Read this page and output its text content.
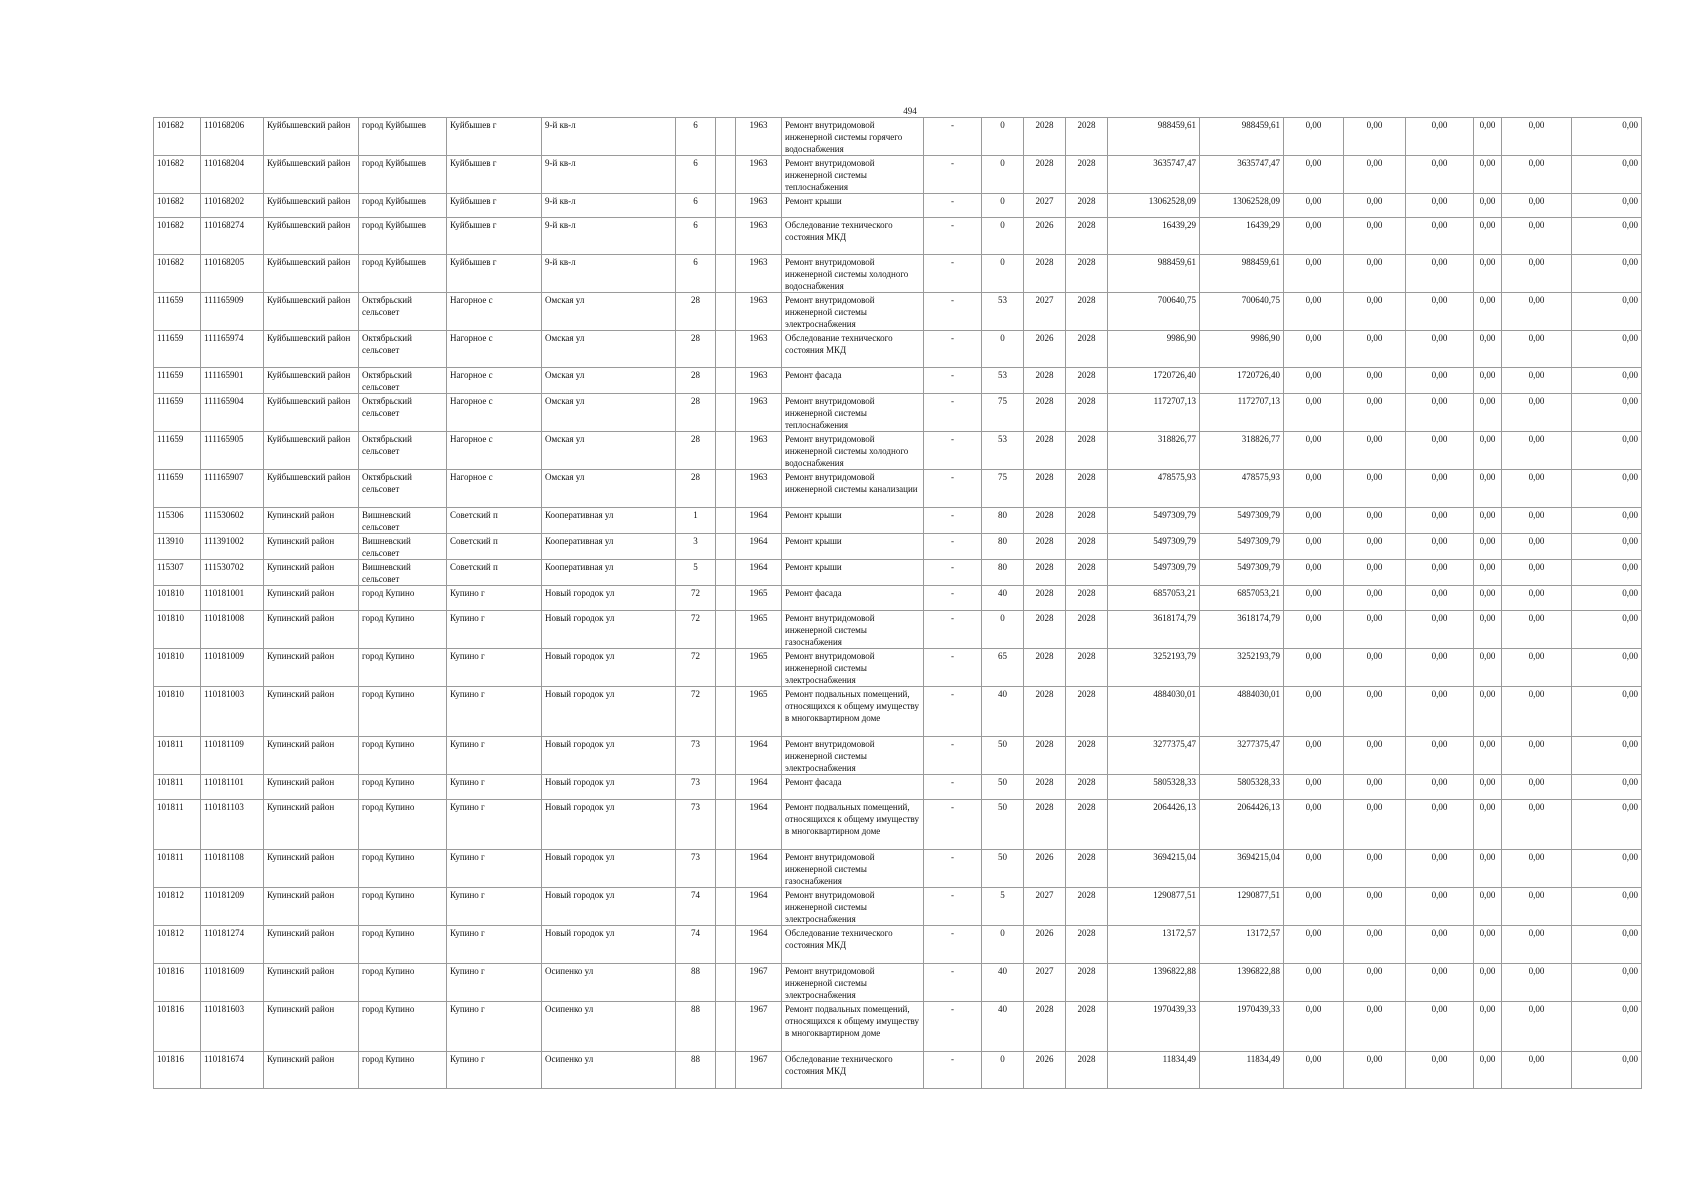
494
101682	110168206	Куйбышевский район	город Куйбышев	Куйбышев г	9-й кв-л	6		1963	Ремонт внутридомовой инженерной системы горячего водоснабжения	-	0	2028	2028	988459,61	988459,61	0,00	0,00	0,00	0,00	0,00	0,00
101682	110168204	Куйбышевский район	город Куйбышев	Куйбышев г	9-й кв-л	6		1963	Ремонт внутридомовой инженерной системы теплоснабжения	-	0	2028	2028	3635747,47	3635747,47	0,00	0,00	0,00	0,00	0,00	0,00
101682	110168202	Куйбышевский район	город Куйбышев	Куйбышев г	9-й кв-л	6		1963	Ремонт крыши	-	0	2027	2028	13062528,09	13062528,09	0,00	0,00	0,00	0,00	0,00	0,00
101682	110168274	Куйбышевский район	город Куйбышев	Куйбышев г	9-й кв-л	6		1963	Обследование технического состояния МКД	-	0	2026	2028	16439,29	16439,29	0,00	0,00	0,00	0,00	0,00	0,00
101682	110168205	Куйбышевский район	город Куйбышев	Куйбышев г	9-й кв-л	6		1963	Ремонт внутридомовой инженерной системы холодного водоснабжения	-	0	2028	2028	988459,61	988459,61	0,00	0,00	0,00	0,00	0,00	0,00
111659	111165909	Куйбышевский район	Октябрьский сельсовет	Нагорное с	Омская ул	28		1963	Ремонт внутридомовой инженерной системы электроснабжения	-	53	2027	2028	700640,75	700640,75	0,00	0,00	0,00	0,00	0,00	0,00
111659	111165974	Куйбышевский район	Октябрьский сельсовет	Нагорное с	Омская ул	28		1963	Обследование технического состояния МКД	-	0	2026	2028	9986,90	9986,90	0,00	0,00	0,00	0,00	0,00	0,00
111659	111165901	Куйбышевский район	Октябрьский сельсовет	Нагорное с	Омская ул	28		1963	Ремонт фасада	-	53	2028	2028	1720726,40	1720726,40	0,00	0,00	0,00	0,00	0,00	0,00
111659	111165904	Куйбышевский район	Октябрьский сельсовет	Нагорное с	Омская ул	28		1963	Ремонт внутридомовой инженерной системы теплоснабжения	-	75	2028	2028	1172707,13	1172707,13	0,00	0,00	0,00	0,00	0,00	0,00
111659	111165905	Куйбышевский район	Октябрьский сельсовет	Нагорное с	Омская ул	28		1963	Ремонт внутридомовой инженерной системы холодного водоснабжения	-	53	2028	2028	318826,77	318826,77	0,00	0,00	0,00	0,00	0,00	0,00
111659	111165907	Куйбышевский район	Октябрьский сельсовет	Нагорное с	Омская ул	28		1963	Ремонт внутридомовой инженерной системы канализации	-	75	2028	2028	478575,93	478575,93	0,00	0,00	0,00	0,00	0,00	0,00
115306	111530602	Купинский район	Вишневский сельсовет	Советский п	Кооперативная ул	1		1964	Ремонт крыши	-	80	2028	2028	5497309,79	5497309,79	0,00	0,00	0,00	0,00	0,00	0,00
113910	111391002	Купинский район	Вишневский сельсовет	Советский п	Кооперативная ул	3		1964	Ремонт крыши	-	80	2028	2028	5497309,79	5497309,79	0,00	0,00	0,00	0,00	0,00	0,00
115307	111530702	Купинский район	Вишневский сельсовет	Советский п	Кооперативная ул	5		1964	Ремонт крыши	-	80	2028	2028	5497309,79	5497309,79	0,00	0,00	0,00	0,00	0,00	0,00
101810	110181001	Купинский район	город Купино	Купино г	Новый городок ул	72		1965	Ремонт фасада	-	40	2028	2028	6857053,21	6857053,21	0,00	0,00	0,00	0,00	0,00	0,00
101810	110181008	Купинский район	город Купино	Купино г	Новый городок ул	72		1965	Ремонт внутридомовой инженерной системы газоснабжения	-	0	2028	2028	3618174,79	3618174,79	0,00	0,00	0,00	0,00	0,00	0,00
101810	110181009	Купинский район	город Купино	Купино г	Новый городок ул	72		1965	Ремонт внутридомовой инженерной системы электроснабжения	-	65	2028	2028	3252193,79	3252193,79	0,00	0,00	0,00	0,00	0,00	0,00
101810	110181003	Купинский район	город Купино	Купино г	Новый городок ул	72		1965	Ремонт подвальных помещений, относящихся к общему имуществу в многоквартирном доме	-	40	2028	2028	4884030,01	4884030,01	0,00	0,00	0,00	0,00	0,00	0,00
101811	110181109	Купинский район	город Купино	Купино г	Новый городок ул	73		1964	Ремонт внутридомовой инженерной системы электроснабжения	-	50	2028	2028	3277375,47	3277375,47	0,00	0,00	0,00	0,00	0,00	0,00
101811	110181101	Купинский район	город Купино	Купино г	Новый городок ул	73		1964	Ремонт фасада	-	50	2028	2028	5805328,33	5805328,33	0,00	0,00	0,00	0,00	0,00	0,00
101811	110181103	Купинский район	город Купино	Купино г	Новый городок ул	73		1964	Ремонт подвальных помещений, относящихся к общему имуществу в многоквартирном доме	-	50	2028	2028	2064426,13	2064426,13	0,00	0,00	0,00	0,00	0,00	0,00
101811	110181108	Купинский район	город Купино	Купино г	Новый городок ул	73		1964	Ремонт внутридомовой инженерной системы газоснабжения	-	50	2026	2028	3694215,04	3694215,04	0,00	0,00	0,00	0,00	0,00	0,00
101812	110181209	Купинский район	город Купино	Купино г	Новый городок ул	74		1964	Ремонт внутридомовой инженерной системы электроснабжения	-	5	2027	2028	1290877,51	1290877,51	0,00	0,00	0,00	0,00	0,00	0,00
101812	110181274	Купинский район	город Купино	Купино г	Новый городок ул	74		1964	Обследование технического состояния МКД	-	0	2026	2028	13172,57	13172,57	0,00	0,00	0,00	0,00	0,00	0,00
101816	110181609	Купинский район	город Купино	Купино г	Осипенко ул	88		1967	Ремонт внутридомовой инженерной системы электроснабжения	-	40	2027	2028	1396822,88	1396822,88	0,00	0,00	0,00	0,00	0,00	0,00
101816	110181603	Купинский район	город Купино	Купино г	Осипенко ул	88		1967	Ремонт подвальных помещений, относящихся к общему имуществу в многоквартирном доме	-	40	2028	2028	1970439,33	1970439,33	0,00	0,00	0,00	0,00	0,00	0,00
101816	110181674	Купинский район	город Купино	Купино г	Осипенко ул	88		1967	Обследование технического состояния МКД	-	0	2026	2028	11834,49	11834,49	0,00	0,00	0,00	0,00	0,00	0,00
